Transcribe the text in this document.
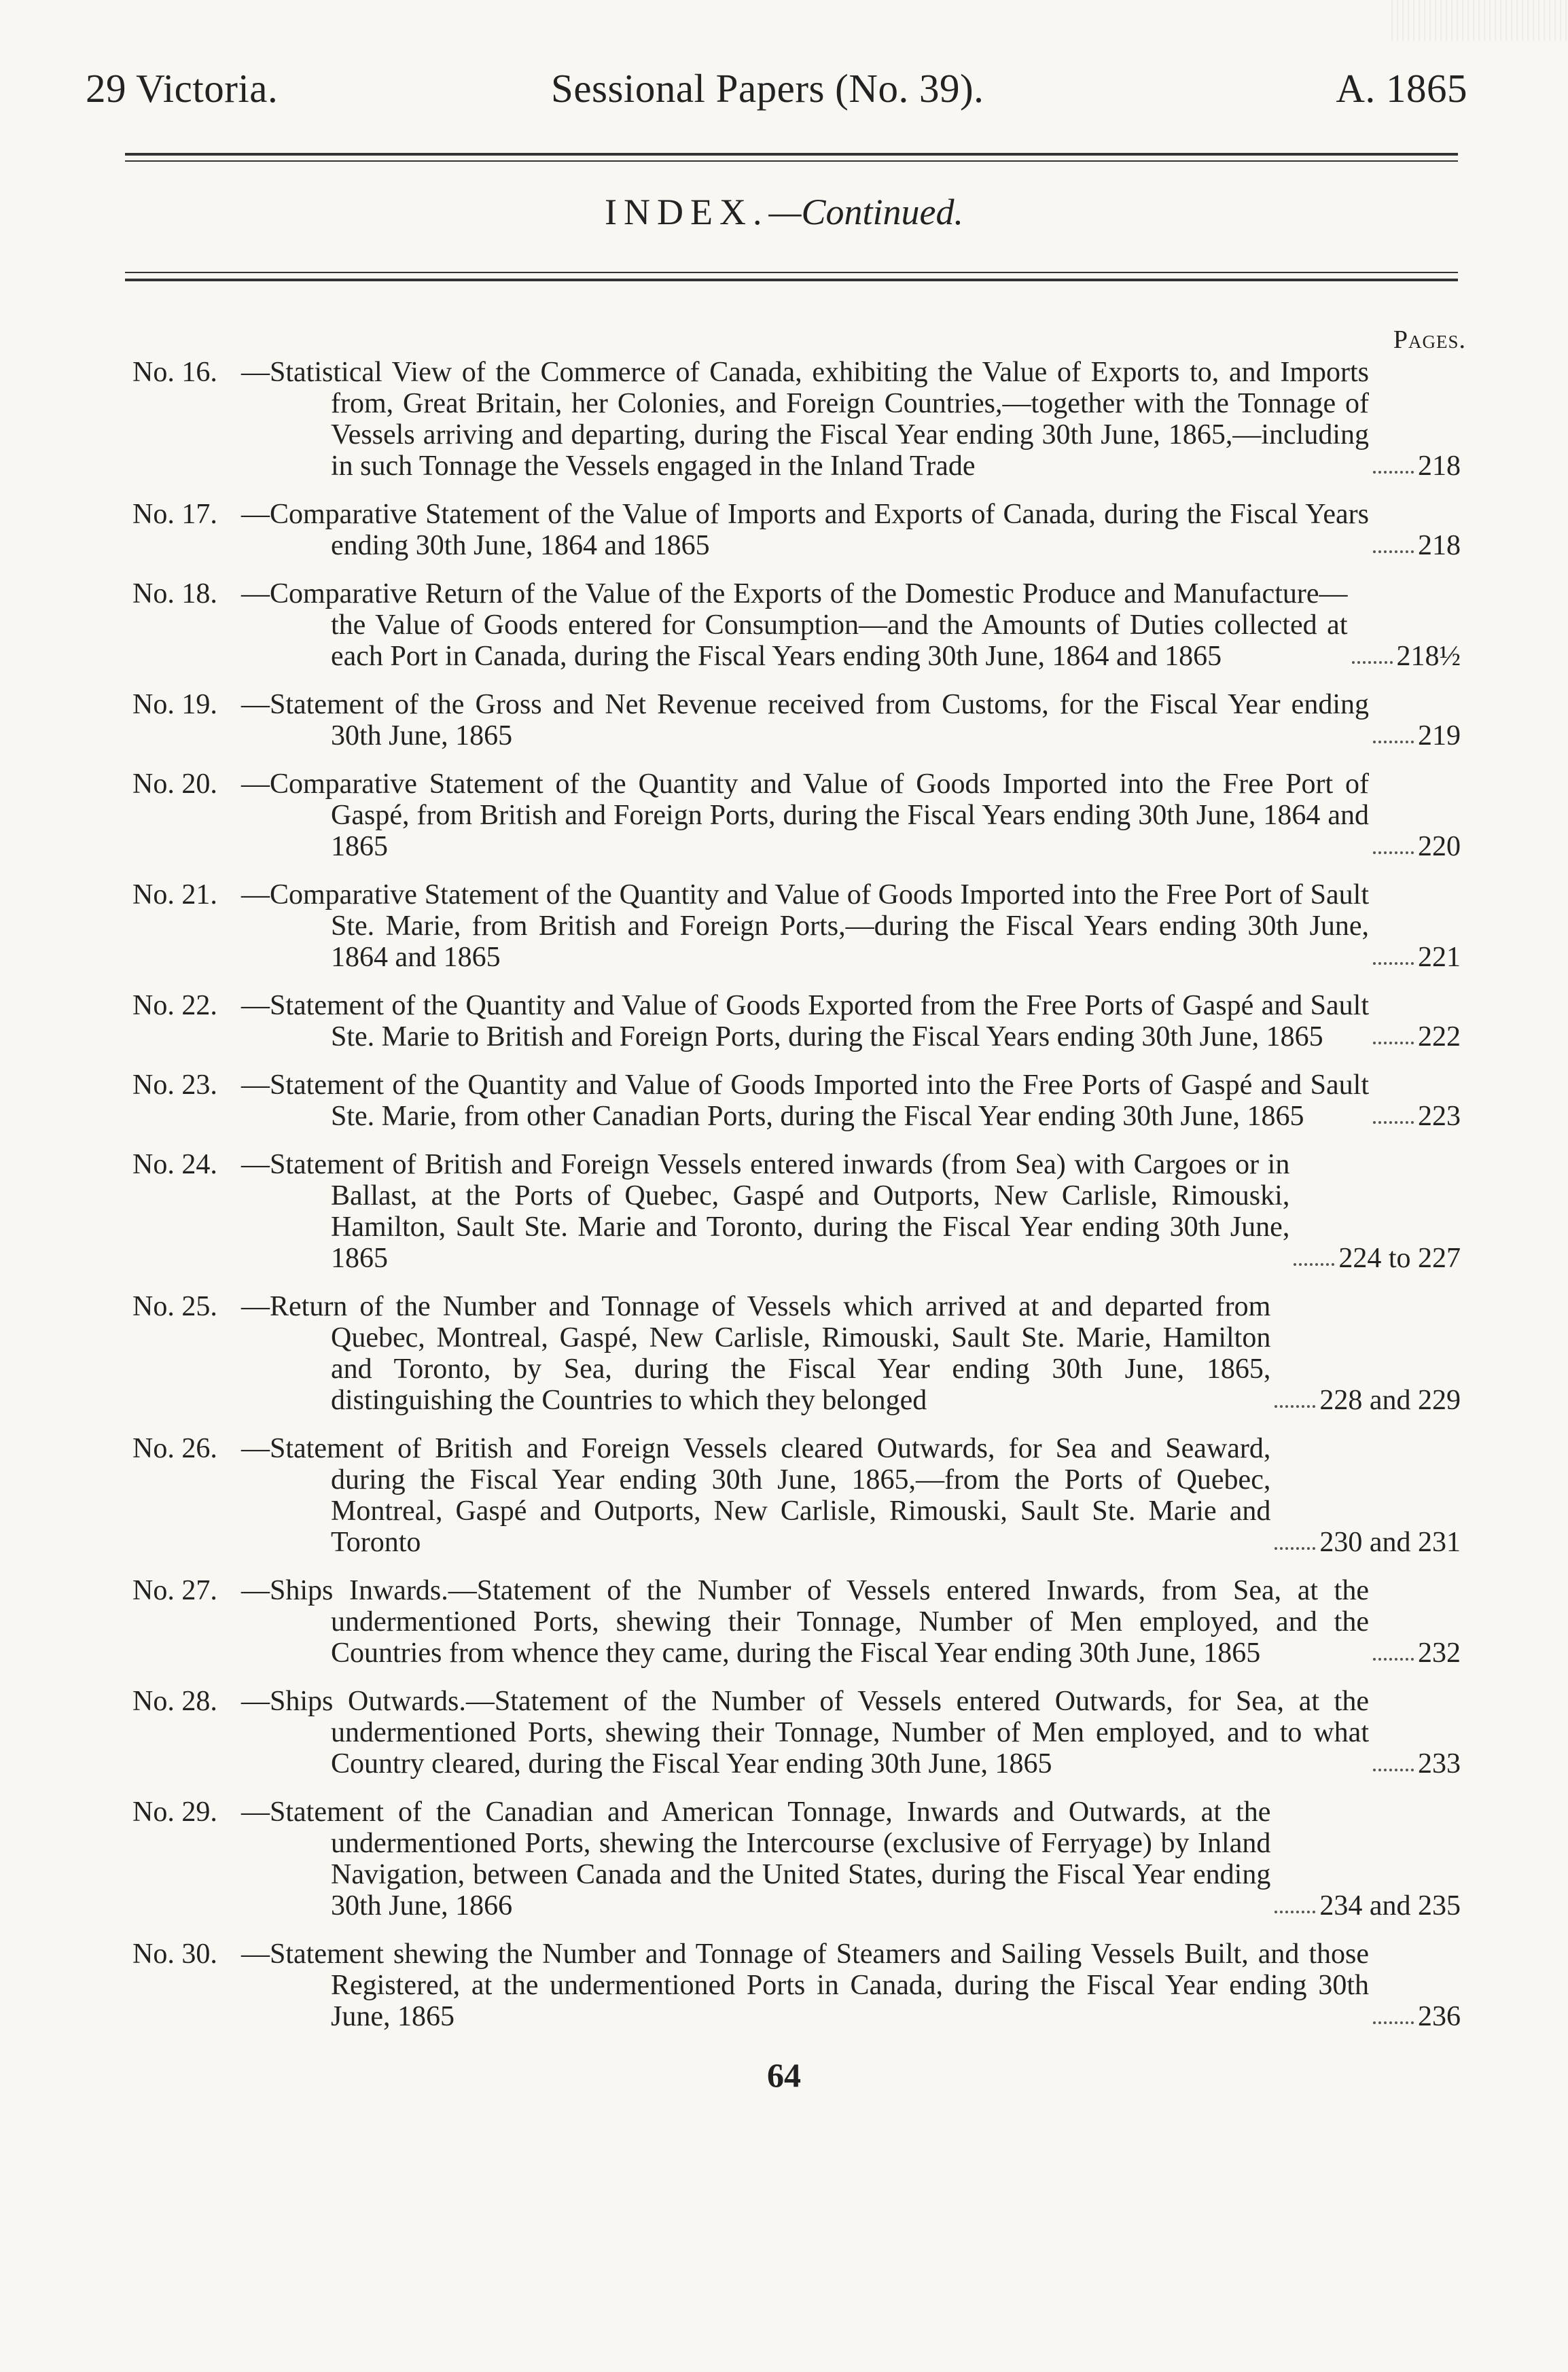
29 Victoria.	Sessional Papers (No. 39).	A. 1865
INDEX.—Continued.
Pages.
No. 16. —Statistical View of the Commerce of Canada, exhibiting the Value of Exports to, and Imports from, Great Britain, her Colonies, and Foreign Countries,—together with the Tonnage of Vessels arriving and departing, during the Fiscal Year ending 30th June, 1865,—including in such Tonnage the Vessels engaged in the Inland Trade	218
No. 17. —Comparative Statement of the Value of Imports and Exports of Canada, during the Fiscal Years ending 30th June, 1864 and 1865	218
No. 18. —Comparative Return of the Value of the Exports of the Domestic Produce and Manufacture—the Value of Goods entered for Consumption—and the Amounts of Duties collected at each Port in Canada, during the Fiscal Years ending 30th June, 1864 and 1865	218½
No. 19. —Statement of the Gross and Net Revenue received from Customs, for the Fiscal Year ending 30th June, 1865	219
No. 20. —Comparative Statement of the Quantity and Value of Goods Imported into the Free Port of Gaspé, from British and Foreign Ports, during the Fiscal Years ending 30th June, 1864 and 1865	220
No. 21. —Comparative Statement of the Quantity and Value of Goods Imported into the Free Port of Sault Ste. Marie, from British and Foreign Ports,—during the Fiscal Years ending 30th June, 1864 and 1865	221
No. 22. —Statement of the Quantity and Value of Goods Exported from the Free Ports of Gaspé and Sault Ste. Marie to British and Foreign Ports, during the Fiscal Years ending 30th June, 1865	222
No. 23. —Statement of the Quantity and Value of Goods Imported into the Free Ports of Gaspé and Sault Ste. Marie, from other Canadian Ports, during the Fiscal Year ending 30th June, 1865	223
No. 24. —Statement of British and Foreign Vessels entered inwards (from Sea) with Cargoes or in Ballast, at the Ports of Quebec, Gaspé and Outports, New Carlisle, Rimouski, Hamilton, Sault Ste. Marie and Toronto, during the Fiscal Year ending 30th June, 1865	224 to 227
No. 25. —Return of the Number and Tonnage of Vessels which arrived at and departed from Quebec, Montreal, Gaspé, New Carlisle, Rimouski, Sault Ste. Marie, Hamilton and Toronto, by Sea, during the Fiscal Year ending 30th June, 1865, distinguishing the Countries to which they belonged	228 and 229
No. 26. —Statement of British and Foreign Vessels cleared Outwards, for Sea and Seaward, during the Fiscal Year ending 30th June, 1865,—from the Ports of Quebec, Montreal, Gaspé and Outports, New Carlisle, Rimouski, Sault Ste. Marie and Toronto	230 and 231
No. 27. —Ships Inwards.—Statement of the Number of Vessels entered Inwards, from Sea, at the undermentioned Ports, shewing their Tonnage, Number of Men employed, and the Countries from whence they came, during the Fiscal Year ending 30th June, 1865	232
No. 28. —Ships Outwards.—Statement of the Number of Vessels entered Outwards, for Sea, at the undermentioned Ports, shewing their Tonnage, Number of Men employed, and to what Country cleared, during the Fiscal Year ending 30th June, 1865	233
No. 29. —Statement of the Canadian and American Tonnage, Inwards and Outwards, at the undermentioned Ports, shewing the Intercourse (exclusive of Ferryage) by Inland Navigation, between Canada and the United States, during the Fiscal Year ending 30th June, 1866	234 and 235
No. 30. —Statement shewing the Number and Tonnage of Steamers and Sailing Vessels Built, and those Registered, at the undermentioned Ports in Canada, during the Fiscal Year ending 30th June, 1865	236
64
